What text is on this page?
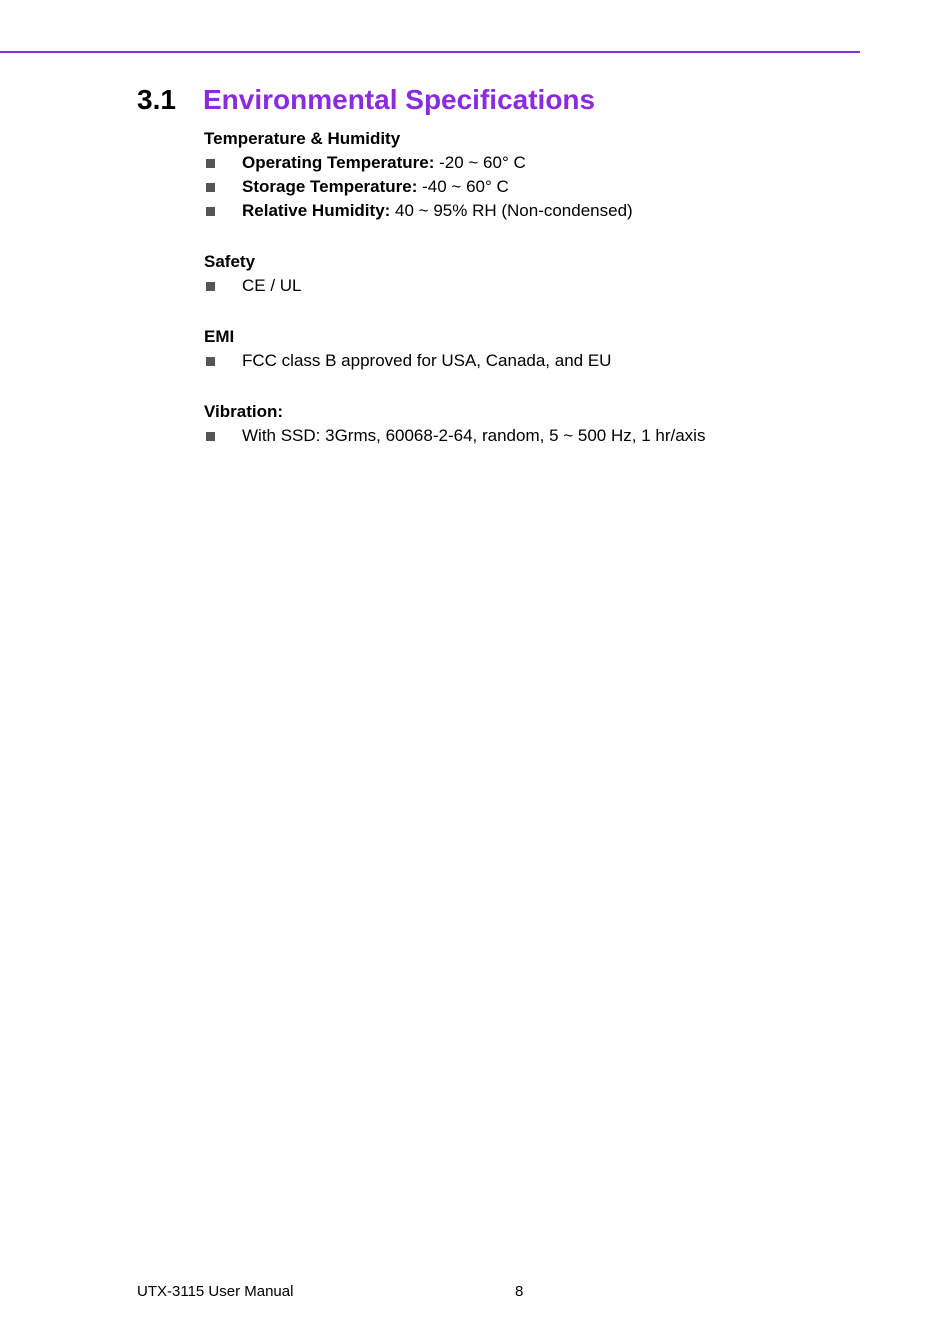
3.1 Environmental Specifications

Temperature & Humidity

Operating Temperature: -20 ~ 60° C
Storage Temperature: -40 ~ 60° C
Relative Humidity: 40 ~ 95% RH (Non-condensed)

Safety

CE / UL

EMI

FCC class B approved for USA, Canada, and EU

Vibration:

With SSD: 3Grms, 60068-2-64, random, 5 ~ 500 Hz, 1 hr/axis
UTX-3115 User Manual	8
